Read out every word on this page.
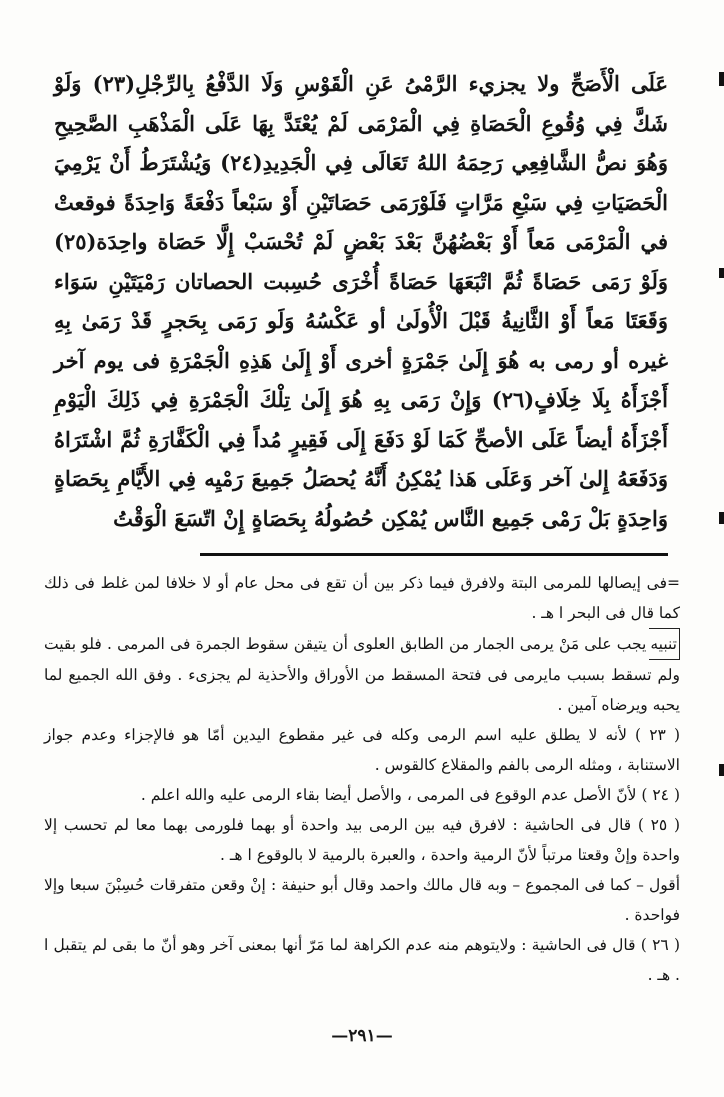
عَلَى الْأَصَحِّ ولا يجزيء الرَّمْىُ عَنِ الْقَوْسِ وَلَا الدَّفْعُ بِالرِّجْلِ(٢٣) وَلَوْ شَكَّ فِي وُقُوعِ الْحَصَاةِ فِي الْمَرْمَى لَمْ يُعْتَدَّ بِهَا عَلَى الْمَذْهَبِ الصَّحِيحِ وَهُوَ نصُّ الشَّافِعِي رَحِمَهُ اللهُ تَعَالَى فِي الْجَدِيدِ(٢٤) وَيُشْتَرَطُ أَنْ يَرْمِيَ الْحَصَيَاتِ فِي سَبْعِ مَرَّاتٍ فَلَوْرَمَى حَصَاتَيْنِ أَوْ سَبْعاً دَفْعَةً وَاحِدَةً فوقعتْ في الْمَرْمَى مَعاً أَوْ بَعْضُهُنَّ بَعْدَ بَعْضٍ لَمْ تُحْسَبْ إِلَّا حَصَاة واحِدَة(٢٥) وَلَوْ رَمَى حَصَاةً ثُمَّ اتْبَعَهَا حَصَاةً أُخْرَى حُسِبت الحصاتان رَمْيَتَيْنِ سَوَاء وَقَعَتَا مَعاً أَوْ الثَّانِيةُ قَبْلَ الْأُولَىٰ أو عَكْسُهُ وَلَو رَمَى بِحَجرٍ قَدْ رَمَىٰ بِهِ غيره أو رمى به هُوَ إِلَىٰ جَمْرَةٍ أخرى أَوْ إِلَىٰ هَذِهِ الْجَمْرَةِ فى يوم آخر أَجْزَأَهُ بِلَا خِلَافٍ(٢٦) وَإِنْ رَمَى بِهِ هُوَ إِلَىٰ تِلْكَ الْجَمْرَةِ فِي ذَلِكَ الْيَوْمِ أَجْزَأَهُ أيضاً عَلَى الأصحِّ كَمَا لَوْ دَفَعَ إِلَى فَقِيرٍ مُداً فِي الْكَفَّارَةِ ثُمَّ اشْتَرَاهُ وَدَفَعَهُ إِلىٰ آخر وَعَلَى هَذا يُمْكِنُ أَنَّهُ يُحصَلُ جَمِيعَ رَمْيِه فِي الأَيَّامِ بِحَصَاةٍ وَاحِدَةٍ بَلْ رَمْى جَمِيع النَّاس يُمْكِن حُصُولُهُ بِحَصَاةٍ إِنْ اتّسَعَ الْوَقْتُ

=فى إيصالها للمرمى البتة ولافرق فيما ذكر بين أن تقع فى محل عام أو لا خلافا لمن غلط فى ذلك كما قال فى البحر ا هـ .

تنبيهيجب على مَنْ يرمى الجمار من الطابق العلوى أن يتيقن سقوط الجمرة فى المرمى . فلو بقيت ولم تسقط بسبب مايرمى فى فتحة المسقط من الأوراق والأحذية لم يجزىء . وفق الله الجميع لما يحبه ويرضاه آمين .

( ٢٣ ) لأنه لا يطلق عليه اسم الرمى وكله فى غير مقطوع اليدين أمّا هو فالإجزاء وعدم جواز الاستنابة ، ومثله الرمى بالفم والمقلاع كالقوس .

( ٢٤ ) لأنّ الأصل عدم الوقوع فى المرمى ، والأصل أيضا بقاء الرمى عليه والله اعلم .

( ٢٥ ) قال فى الحاشية : لافرق فيه بين الرمى بيد واحدة أو بهما فلورمى بهما معا لم تحسب إلا واحدة وإنْ وقعتا مرتباً لأنّ الرمية واحدة ، والعبرة بالرمية لا بالوقوع ا هـ .

أقول – كما فى المجموع – وبه قال مالك واحمد وقال أبو حنيفة : إنْ وقعن متفرقات حُسِبْنَ سبعا وإلا فواحدة .

( ٢٦ ) قال فى الحاشية : ولايتوهم منه عدم الكراهة لما مَرّ أنها بمعنى آخر وهو أنّ ما بقى لم يتقبل ا . هـ .

—٢٩١—
